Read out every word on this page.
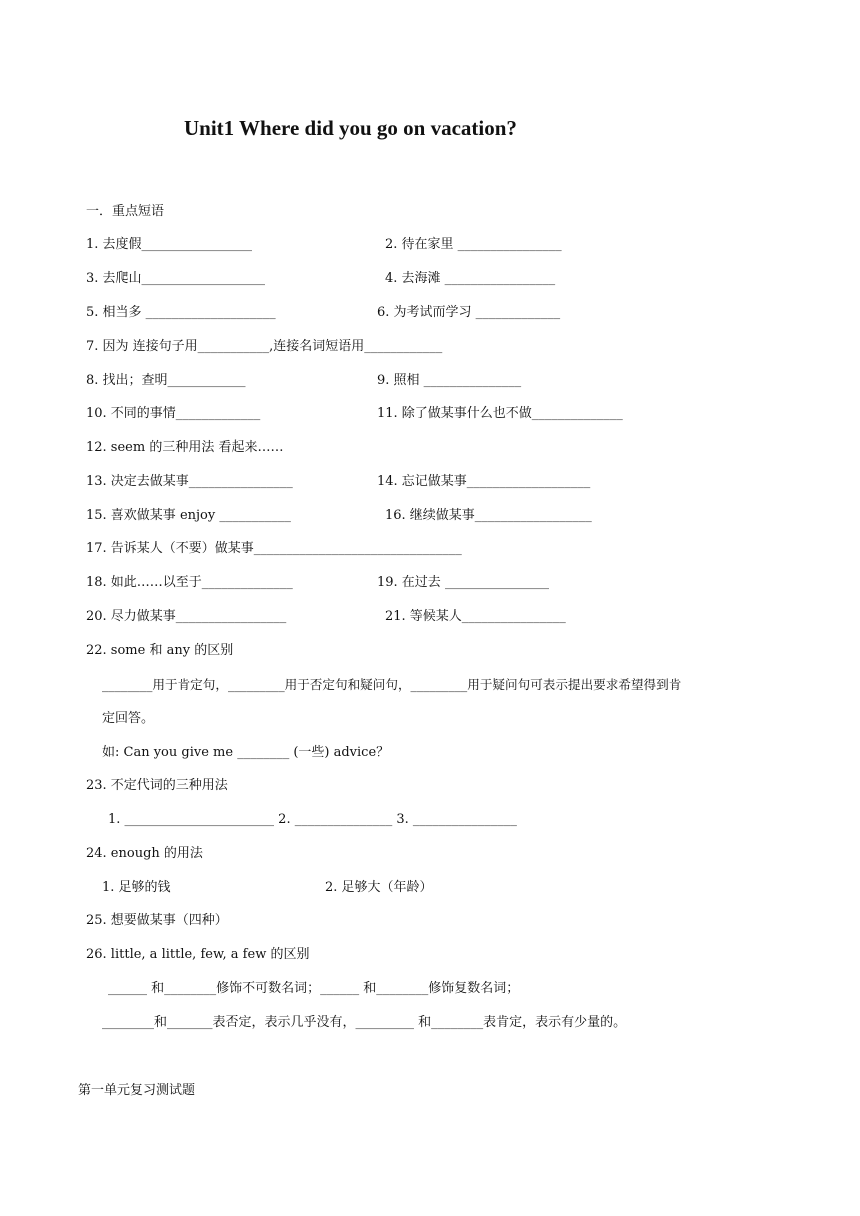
Unit1 Where did you go on vacation?
一．重点短语
1. 去度假_________________	2. 待在家里 ________________
3. 去爬山___________________	4. 去海滩 _________________
5. 相当多 ____________________	6. 为考试而学习 _____________
7. 因为 连接句子用___________,连接名词短语用____________
8. 找出；查明____________	9. 照相 _______________
10. 不同的事情_____________	11. 除了做某事什么也不做______________
12. seem 的三种用法 看起来……
13. 决定去做某事________________	14. 忘记做某事___________________
15. 喜欢做某事 enjoy ___________	16. 继续做某事__________________
17. 告诉某人（不要）做某事________________________________
18. 如此……以至于______________	19. 在过去 ________________
20. 尽力做某事_________________	21. 等候某人________________
22. some 和 any 的区别
________用于肯定句，_________用于否定句和疑问句，_________用于疑问句可表示提出要求希望得到肯
定回答。
如: Can you give me ________ (一些) advice？
23. 不定代词的三种用法
1. _______________________ 2. _______________ 3. ________________
24. enough 的用法
1. 足够的钱	2. 足够大（年龄）
25. 想要做某事（四种）
26. little, a little, few, a few 的区别
______ 和________修饰不可数名词；______ 和________修饰复数名词；
________和_______表否定，表示几乎没有，_________ 和________表肯定，表示有少量的。
第一单元复习测试题
